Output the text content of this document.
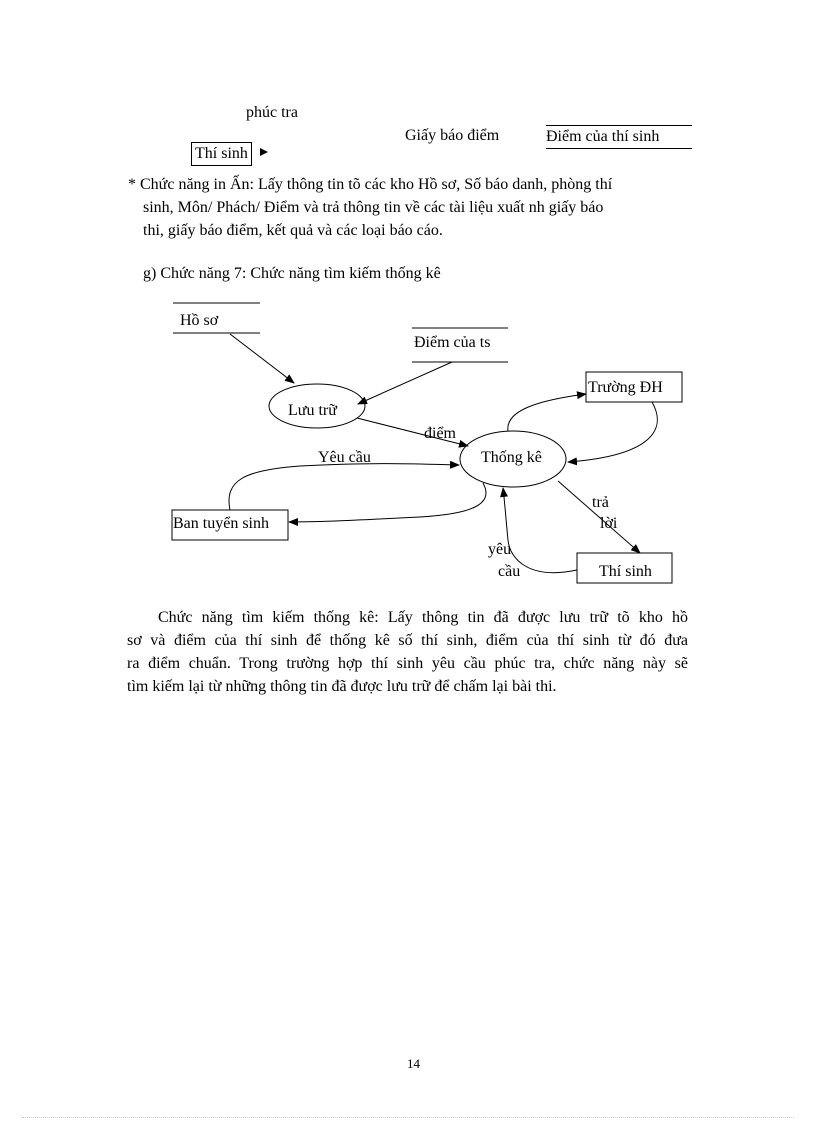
phúc tra
Giấy báo điểm	Điểm của thí sinh
Thí sinh
* Chức năng in Ấn: Lấy thông tin tõ các kho Hồ sơ, Số báo danh, phòng thí
sinh, Môn/ Phách/ Điểm và trả thông tin về các tài liệu xuất nh giấy báo
thi, giấy báo điểm, kết quả và các loại báo cáo.
g) Chức năng 7: Chức năng tìm kiếm thống kê
Hồ sơ
Điểm của ts
Lưu trữ
điểm
Trường ĐH
Yêu cầu	Thống kê
Ban tuyển sinh
trả
lời
yêu
cầu	Thí sinh
Chức năng tìm kiếm thống kê: Lấy thông tin đã được lưu trữ tõ kho hồ
sơ và điểm của thí sinh để thống kê số thí sinh, điểm của thí sinh từ đó đưa
ra điểm chuẩn. Trong trường hợp thí sinh yêu cầu phúc tra, chức năng này sẽ
tìm kiếm lại từ những thông tin đã được lưu trữ để chấm lại bài thi.
14
